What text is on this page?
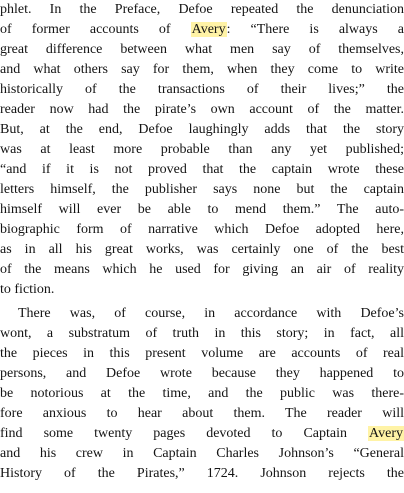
phlet. In the Preface, Defoe repeated the denunciation
of former accounts of Avery: “There is always a
great difference between what men say of themselves,
and what others say for them, when they come to write
historically of the transactions of their lives;” the
reader now had the pirate’s own account of the matter.
But, at the end, Defoe laughingly adds that the story
was at least more probable than any yet published;
“and if it is not proved that the captain wrote these
letters himself, the publisher says none but the captain
himself will ever be able to mend them.” The auto-
biographic form of narrative which Defoe adopted here,
as in all his great works, was certainly one of the best
of the means which he used for giving an air of reality
to fiction.
There was, of course, in accordance with Defoe’s
wont, a substratum of truth in this story; in fact, all
the pieces in this present volume are accounts of real
persons, and Defoe wrote because they happened to
be notorious at the time, and the public was there-
fore anxious to hear about them. The reader will
find some twenty pages devoted to Captain Avery
and his crew in Captain Charles Johnson’s “General
History of the Pirates,” 1724. Johnson rejects the
